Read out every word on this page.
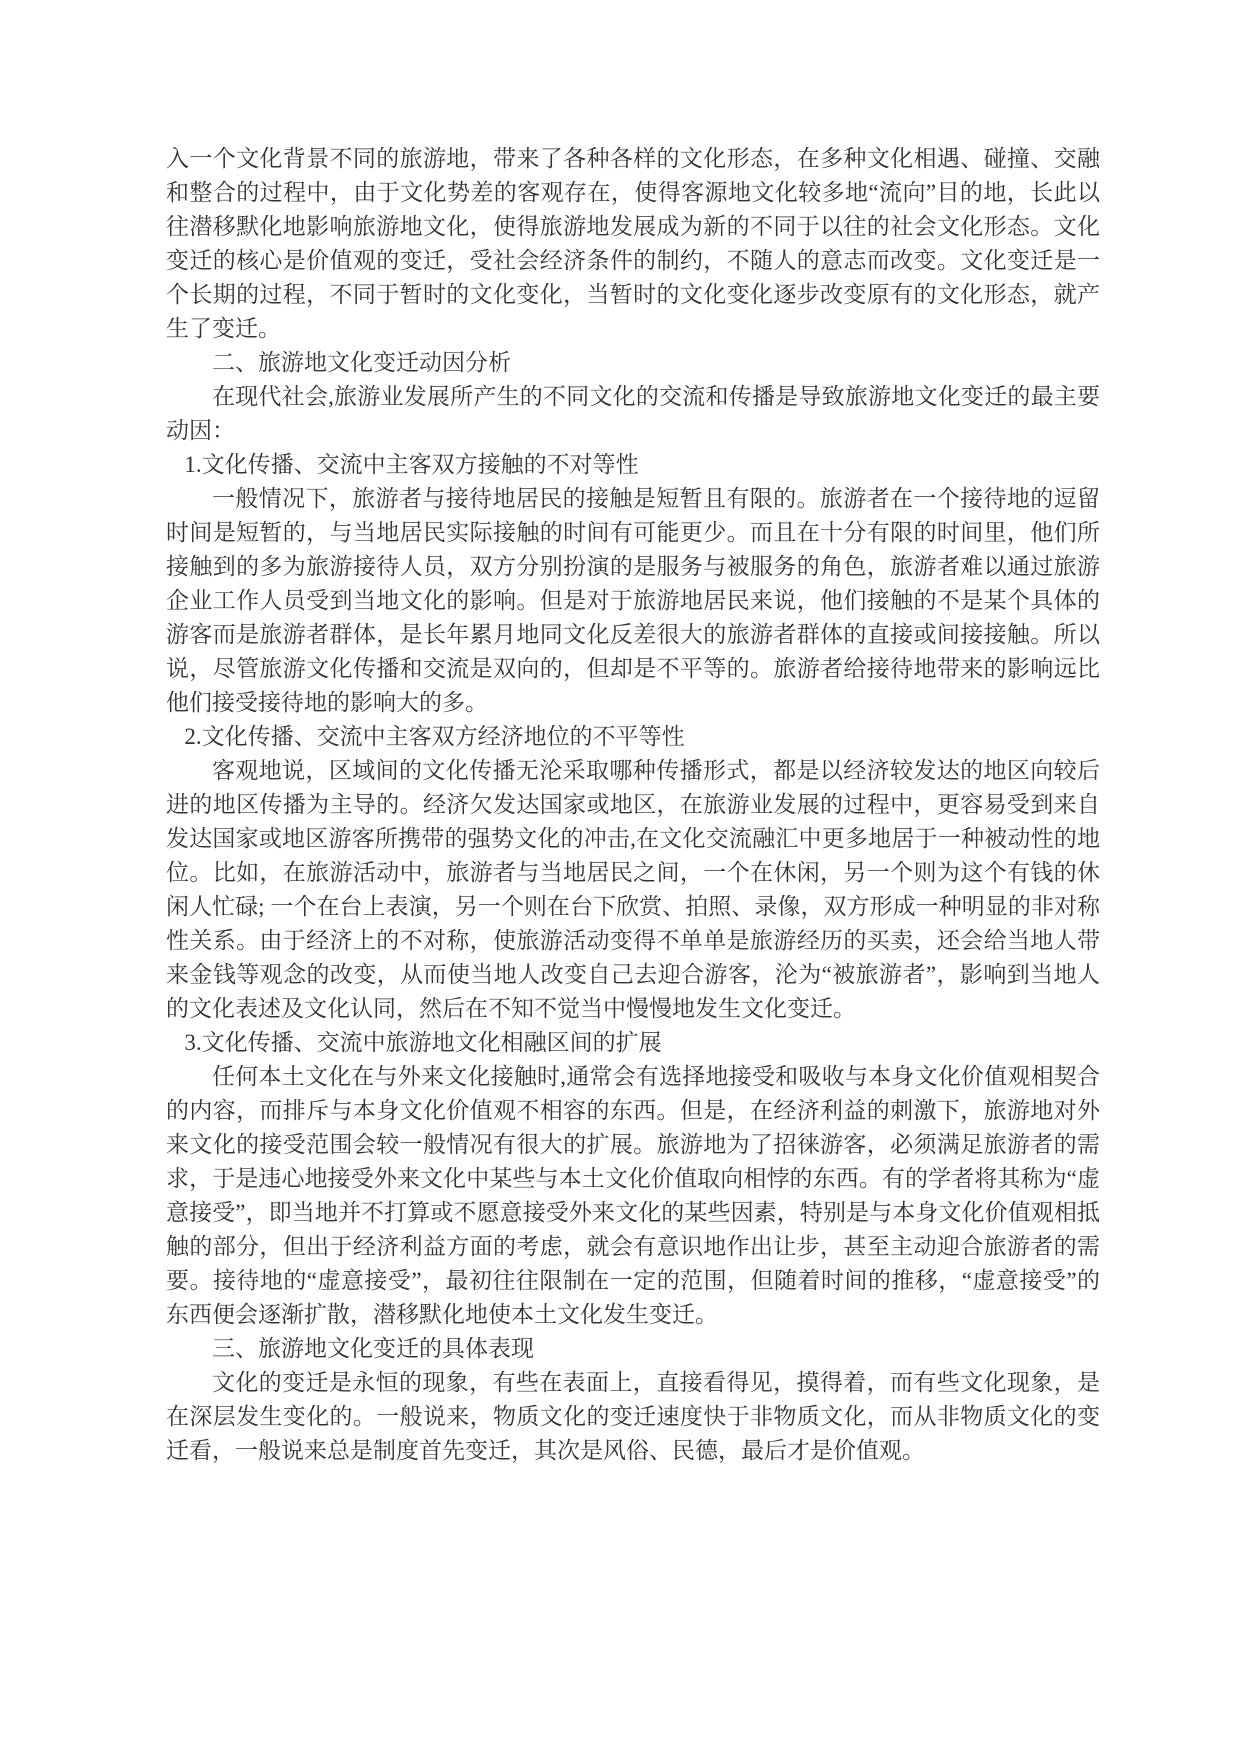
入一个文化背景不同的旅游地，带来了各种各样的文化形态，在多种文化相遇、碰撞、交融和整合的过程中，由于文化势差的客观存在，使得客源地文化较多地“流向”目的地，长此以往潜移默化地影响旅游地文化，使得旅游地发展成为新的不同于以往的社会文化形态。文化变迁的核心是价值观的变迁，受社会经济条件的制约，不随人的意志而改变。文化变迁是一个长期的过程，不同于暂时的文化变化，当暂时的文化变化逐步改变原有的文化形态，就产生了变迁。

二、旅游地文化变迁动因分析

在现代社会,旅游业发展所产生的不同文化的交流和传播是导致旅游地文化变迁的最主要动因：

1.文化传播、交流中主客双方接触的不对等性

一般情况下，旅游者与接待地居民的接触是短暂且有限的。旅游者在一个接待地的逗留时间是短暂的，与当地居民实际接触的时间有可能更少。而且在十分有限的时间里，他们所接触到的多为旅游接待人员，双方分别扮演的是服务与被服务的角色，旅游者难以通过旅游企业工作人员受到当地文化的影响。但是对于旅游地居民来说，他们接触的不是某个具体的游客而是旅游者群体，是长年累月地同文化反差很大的旅游者群体的直接或间接接触。所以说，尽管旅游文化传播和交流是双向的，但却是不平等的。旅游者给接待地带来的影响远比他们接受接待地的影响大的多。

2.文化传播、交流中主客双方经济地位的不平等性

客观地说，区域间的文化传播无沦采取哪种传播形式，都是以经济较发达的地区向较后进的地区传播为主导的。经济欠发达国家或地区，在旅游业发展的过程中，更容易受到来自发达国家或地区游客所携带的强势文化的冲击,在文化交流融汇中更多地居于一种被动性的地位。比如，在旅游活动中，旅游者与当地居民之间，一个在休闲，另一个则为这个有钱的休闲人忙碌; 一个在台上表演，另一个则在台下欣赏、拍照、录像，双方形成一种明显的非对称性关系。由于经济上的不对称，使旅游活动变得不单单是旅游经历的买卖，还会给当地人带来金钱等观念的改变，从而使当地人改变自己去迎合游客，沦为“被旅游者”，影响到当地人的文化表述及文化认同，然后在不知不觉当中慢慢地发生文化变迁。

3.文化传播、交流中旅游地文化相融区间的扩展

任何本土文化在与外来文化接触时,通常会有选择地接受和吸收与本身文化价值观相契合的内容，而排斥与本身文化价值观不相容的东西。但是，在经济利益的刺激下，旅游地对外来文化的接受范围会较一般情况有很大的扩展。旅游地为了招徕游客，必须满足旅游者的需求，于是违心地接受外来文化中某些与本土文化价值取向相悖的东西。有的学者将其称为“虚意接受”，即当地并不打算或不愿意接受外来文化的某些因素，特别是与本身文化价值观相抵触的部分，但出于经济利益方面的考虑，就会有意识地作出让步，甚至主动迎合旅游者的需要。接待地的“虚意接受”，最初往往限制在一定的范围，但随着时间的推移，“虚意接受”的东西便会逐渐扩散，潜移默化地使本土文化发生变迁。

三、旅游地文化变迁的具体表现

文化的变迁是永恒的现象，有些在表面上，直接看得见，摸得着，而有些文化现象，是在深层发生变化的。一般说来，物质文化的变迁速度快于非物质文化，而从非物质文化的变迁看，一般说来总是制度首先变迁，其次是风俗、民德，最后才是价值观。
